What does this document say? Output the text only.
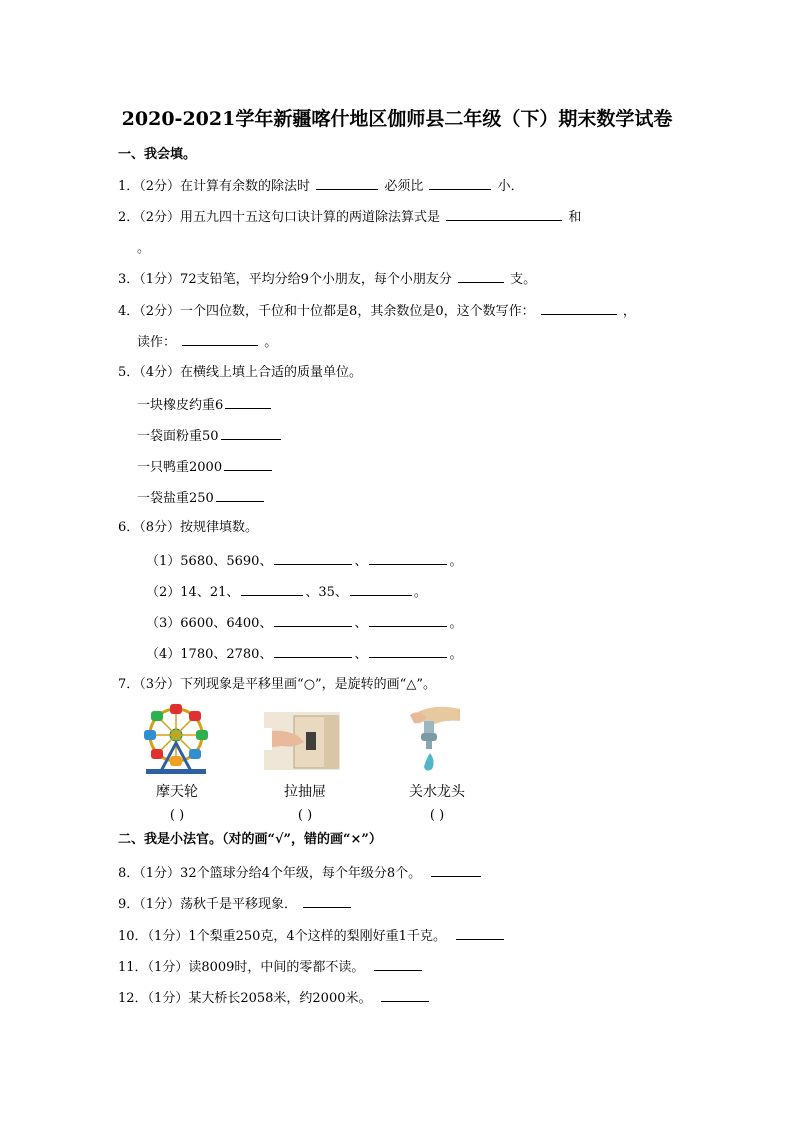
2020-2021学年新疆喀什地区伽师县二年级（下）期末数学试卷
一、我会填。
1．（2分）在计算有余数的除法时	必须比	小．
2．（2分）用五九四十五这句口诀计算的两道除法算式是	和
。
3．（1分）72支铅笔，平均分给9个小朋友，每个小朋友分	支。
4．（2分）一个四位数，千位和十位都是8，其余数位是0，这个数写作：	，
读作：	。
5．（4分）在横线上填上合适的质量单位。
一块橡皮约重6
一袋面粉重50
一只鸭重2000
一袋盐重250
6．（8分）按规律填数。
（1）5680、5690、	、	。
（2）14、21、	、35、	。
（3）6600、6400、	、	。
（4）1780、2780、	、	。
7．（3分）下列现象是平移里画“○”，是旋转的画“△”。
摩天轮
( )
拉抽屉
( )
关水龙头
( )
二、我是小法官。（对的画“√”，错的画“×”）
8．（1分）32个篮球分给4个年级，每个年级分8个。
9．（1分）荡秋千是平移现象．
10．（1分）1个梨重250克，4个这样的梨刚好重1千克。
11．（1分）读8009时，中间的零都不读。
12．（1分）某大桥长2058米，约2000米。
